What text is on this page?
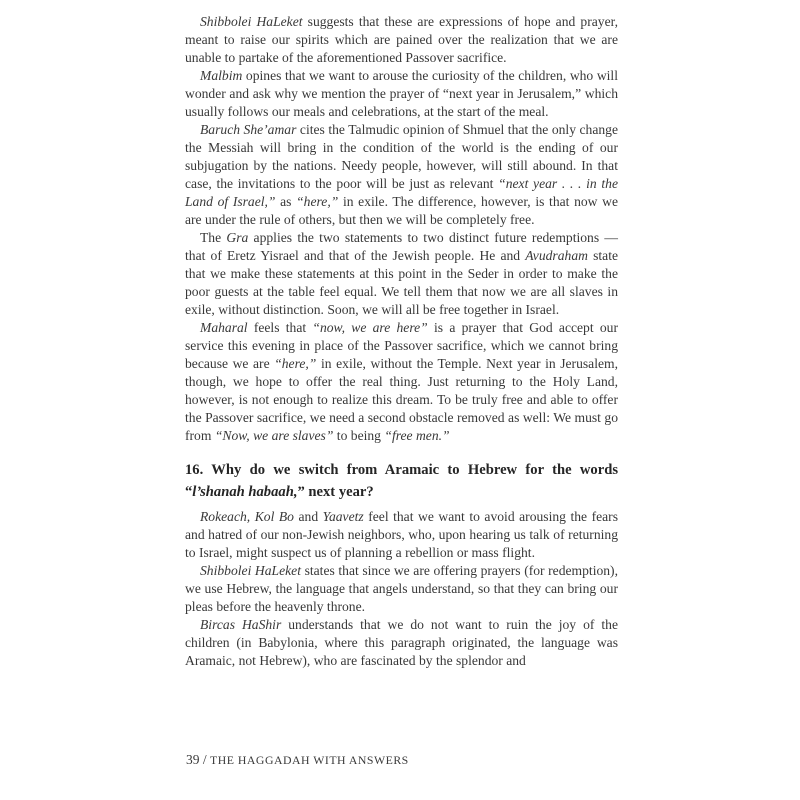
Shibbolei HaLeket suggests that these are expressions of hope and prayer, meant to raise our spirits which are pained over the realization that we are unable to partake of the aforementioned Passover sacrifice.

Malbim opines that we want to arouse the curiosity of the children, who will wonder and ask why we mention the prayer of “next year in Jerusalem,” which usually follows our meals and celebrations, at the start of the meal.

Baruch She’amar cites the Talmudic opinion of Shmuel that the only change the Messiah will bring in the condition of the world is the ending of our subjugation by the nations. Needy people, however, will still abound. In that case, the invitations to the poor will be just as relevant “next year . . . in the Land of Israel,” as “here,” in exile. The difference, however, is that now we are under the rule of others, but then we will be completely free.

The Gra applies the two statements to two distinct future redemptions — that of Eretz Yisrael and that of the Jewish people. He and Avudraham state that we make these statements at this point in the Seder in order to make the poor guests at the table feel equal. We tell them that now we are all slaves in exile, without distinction. Soon, we will all be free together in Israel.

Maharal feels that “now, we are here” is a prayer that God accept our service this evening in place of the Passover sacrifice, which we cannot bring because we are “here,” in exile, without the Temple. Next year in Jerusalem, though, we hope to offer the real thing. Just returning to the Holy Land, however, is not enough to realize this dream. To be truly free and able to offer the Passover sacrifice, we need a second obstacle removed as well: We must go from “Now, we are slaves” to being “free men.”

16. Why do we switch from Aramaic to Hebrew for the words “l’shanah habaah,” next year?

Rokeach, Kol Bo and Yaavetz feel that we want to avoid arousing the fears and hatred of our non-Jewish neighbors, who, upon hearing us talk of returning to Israel, might suspect us of planning a rebellion or mass flight.

Shibbolei HaLeket states that since we are offering prayers (for redemption), we use Hebrew, the language that angels understand, so that they can bring our pleas before the heavenly throne.

Bircas HaShir understands that we do not want to ruin the joy of the children (in Babylonia, where this paragraph originated, the language was Aramaic, not Hebrew), who are fascinated by the splendor and

39 / THE HAGGADAH WITH ANSWERS
